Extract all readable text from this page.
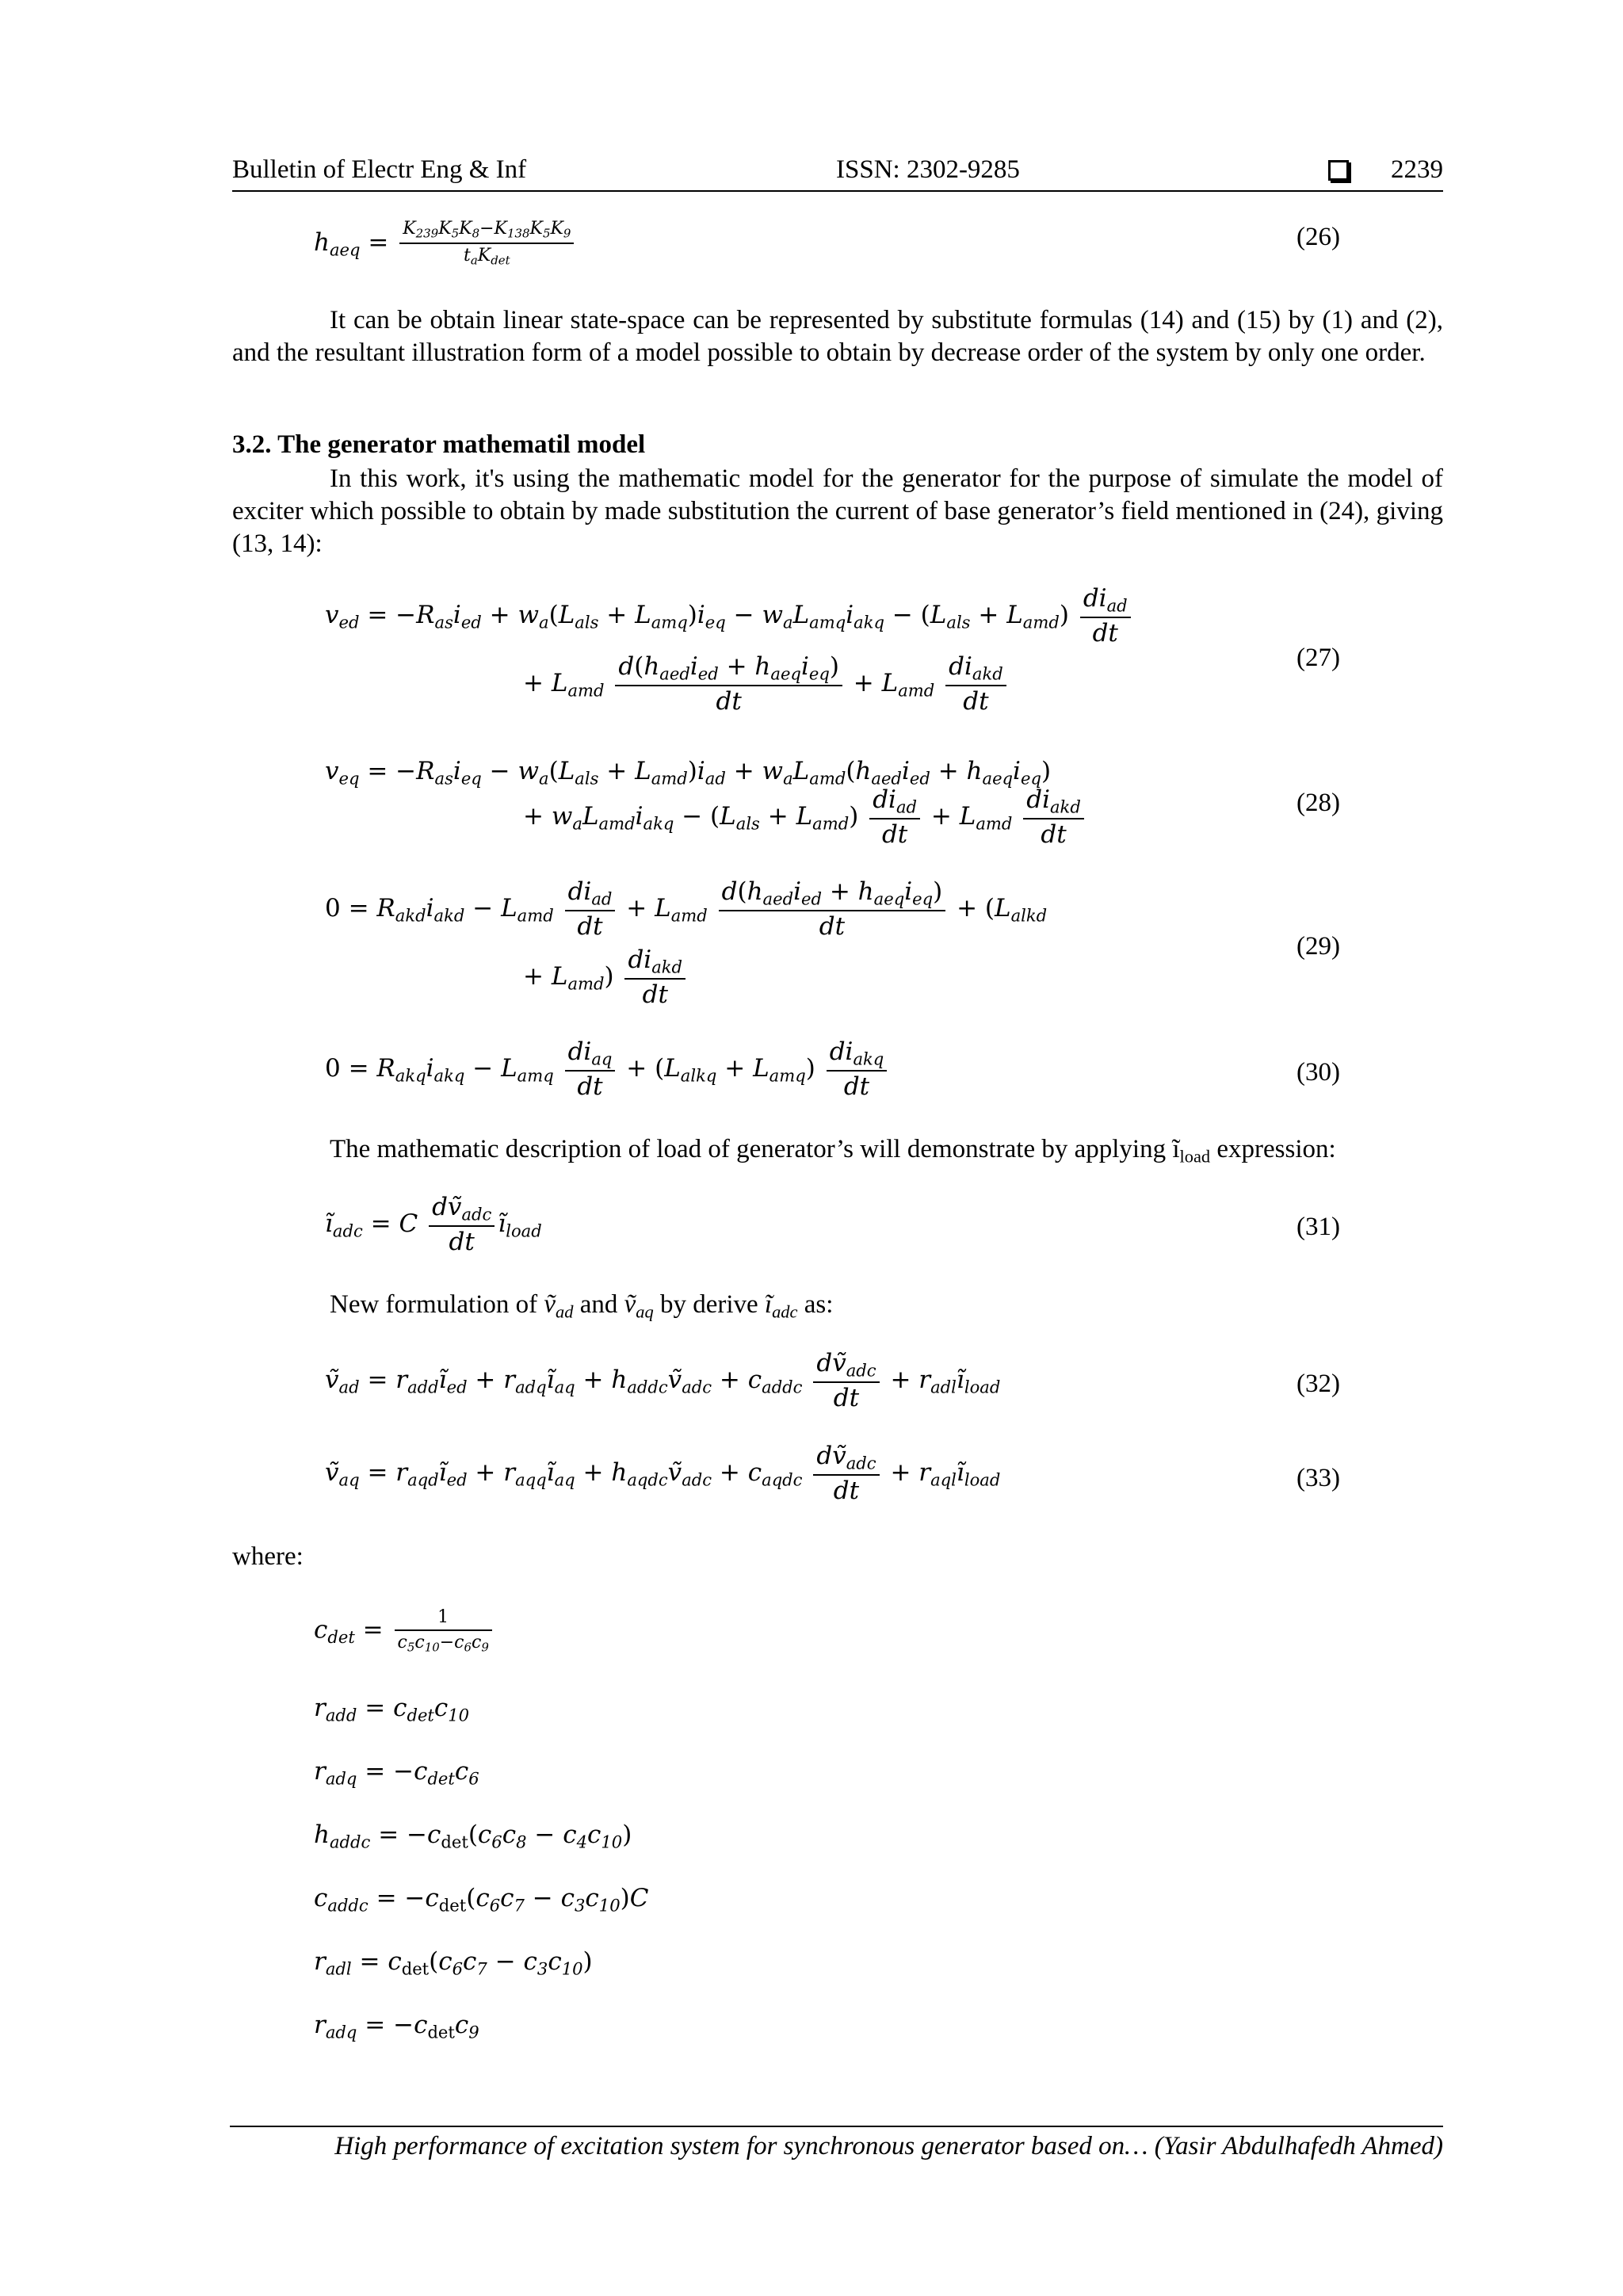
Bulletin of Electr Eng & Inf	ISSN: 2302-9285	2239
$h_{aeq} = \frac{K_{239}K_5K_8-K_{138}K_5K_9}{t_aK_{det}}$	(26)
It can be obtain linear state-space can be represented by substitute formulas (14) and (15) by (1) and (2), and the resultant illustration form of a model possible to obtain by decrease order of the system by only one order.
3.2. The generator mathematil model
In this work, it's using the mathematic model for the generator for the purpose of simulate the model of exciter which possible to obtain by made substitution the current of base generator’s field mentioned in (24), giving (13, 14):
$v_{ed} = -R_{as}i_{ed} + w_a(L_{als} + L_{amq})i_{eq} - w_aL_{amq}i_{akq} - (L_{als} + L_{amd}) \frac{di_{ad}}{dt}$
+ $L_{amd} \frac{d(h_{aed}i_{ed} + h_{aeq}i_{eq})}{dt} + L_{amd} \frac{di_{akd}}{dt}$	(27)
$v_{eq} = -R_{as}i_{eq} - w_a(L_{als} + L_{amd})i_{ad} + w_aL_{amd}(h_{aed}i_{ed} + h_{aeq}i_{eq})$
+ $w_aL_{amd}i_{akq} - (L_{als} + L_{amd}) \frac{di_{ad}}{dt} + L_{amd} \frac{di_{akd}}{dt}$	(28)
$0 = R_{akd}i_{akd} - L_{amd} \frac{di_{ad}}{dt} + L_{amd} \frac{d(h_{aed}i_{ed} + h_{aeq}i_{eq})}{dt} + (L_{alkd}$
+ $L_{amd}) \frac{di_{akd}}{dt}$
(29)
$0 = R_{akq}i_{akq} - L_{amq} \frac{di_{aq}}{dt} + (L_{alkq} + L_{amq}) \frac{di_{akq}}{dt}$	(30)
The mathematic description of load of generator’s will demonstrate by applying $ĩ_{load}$ expression:
$ĩ_{adc} = C \frac{dṽ_{adc}}{dt}$ $ĩ_{load}$	(31)
New formulation of ṽ$_{ad}$ and ṽ$_{aq}$ by derive $ĩ_{adc}$ as:
ṽ$_{ad}$ = $r_{add}ĩ_{ed}$ + $r_{adq}ĩ_{aq}$ + $h_{addc}ṽ_{adc} + c_{addc} \frac{dṽ_{adc}}{dt}$ + $r_{adl}ĩ_{load}$	(32)
ṽ$_{aq}$ = $r_{aqd}ĩ_{ed}$ + $r_{aqq}ĩ_{aq}$ + $h_{aqdc}ṽ_{adc} + c_{aqdc} \frac{dṽ_{adc}}{dt}$ + $r_{aql}ĩ_{load}$	(33)
where:
$c_{det} = \frac{1}{c_5c_{10}-c_6c_9}$
$r_{add} = c_{det}c_{10}$
$r_{adq} = -c_{det}c_6$
$h_{addc} = -c_{det}(c_6c_8 - c_4c_{10})$
$c_{addc} = -c_{det}(c_6c_7 - c_3c_{10})C$
$r_{adl} = c_{det}(c_6c_7 - c_3c_{10})$
$r_{adq} = -c_{det}c_9$
High performance of excitation system for synchronous generator based on… (Yasir Abdulhafedh Ahmed)
